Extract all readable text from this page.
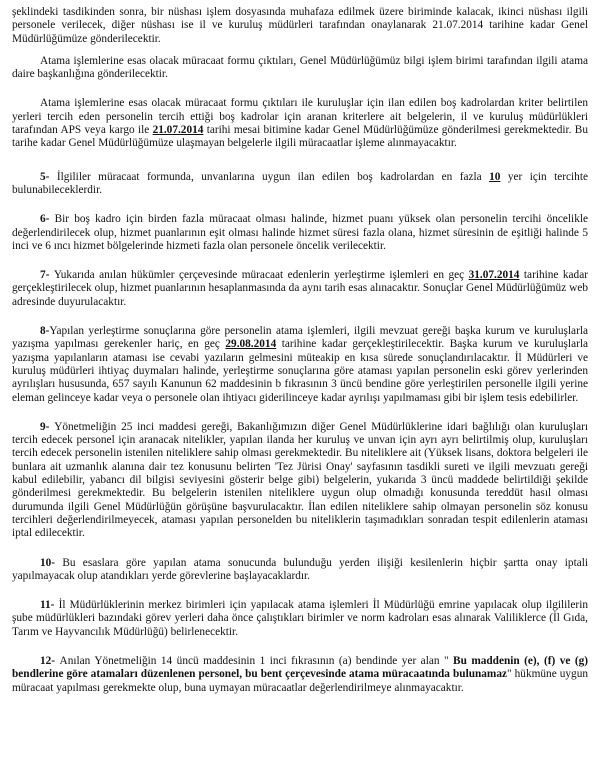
şeklindeki tasdikinden sonra, bir nüshası işlem dosyasında muhafaza edilmek üzere biriminde kalacak, ikinci nüshası ilgili personele verilecek, diğer nüshası ise il ve kuruluş müdürleri tarafından onaylanarak 21.07.2014 tarihine kadar Genel Müdürlüğümüze gönderilecektir.

Atama işlemlerine esas olacak müracaat formu çıktıları, Genel Müdürlüğümüz bilgi işlem birimi tarafından ilgili atama daire başkanlığına gönderilecektir.

Atama işlemlerine esas olacak müracaat formu çıktıları ile kuruluşlar için ilan edilen boş kadrolardan kriter belirtilen yerleri tercih eden personelin tercih ettiği boş kadrolar için aranan kriterlere ait belgelerin, il ve kuruluş müdürlükleri tarafından APS veya kargo ile 21.07.2014 tarihi mesai bitimine kadar Genel Müdürlüğümüze gönderilmesi gerekmektedir. Bu tarihe kadar Genel Müdürlüğümüze ulaşmayan belgelerle ilgili müracaatlar işleme alınmayacaktır.

5- İlgililer müracaat formunda, unvanlarına uygun ilan edilen boş kadrolardan en fazla 10 yer için tercihte bulunabileceklerdir.

6- Bir boş kadro için birden fazla müracaat olması halinde, hizmet puanı yüksek olan personelin tercihi öncelikle değerlendirilecek olup, hizmet puanlarının eşit olması halinde hizmet süresi fazla olana, hizmet süresinin de eşitliği halinde 5 inci ve 6 ıncı hizmet bölgelerinde hizmeti fazla olan personele öncelik verilecektir.

7- Yukarıda anılan hükümler çerçevesinde müracaat edenlerin yerleştirme işlemleri en geç 31.07.2014 tarihine kadar gerçekleştirilecek olup, hizmet puanlarının hesaplanmasında da aynı tarih esas alınacaktır. Sonuçlar Genel Müdürlüğümüz web adresinde duyurulacaktır.

8-Yapılan yerleştirme sonuçlarına göre personelin atama işlemleri, ilgili mevzuat gereği başka kurum ve kuruluşlarla yazışma yapılması gerekenler hariç, en geç 29.08.2014 tarihine kadar gerçekleştirilecektir. Başka kurum ve kuruluşlarla yazışma yapılanların ataması ise cevabi yazıların gelmesini müteakip en kısa sürede sonuçlandırılacaktır. İl Müdürleri ve kuruluş müdürleri ihtiyaç duymaları halinde, yerleştirme sonuçlarına göre ataması yapılan personelin eski görev yerlerinden ayrılışları hususunda, 657 sayılı Kanunun 62 maddesinin b fıkrasının 3 üncü bendine göre yerleştirilen personelle ilgili yerine eleman gelinceye kadar veya o personele olan ihtiyacı giderilinceye kadar ayrılışı yapılmaması gibi bir işlem tesis edebilirler.

9- Yönetmeliğin 25 inci maddesi gereği, Bakanlığımızın diğer Genel Müdürlüklerine idari bağlılığı olan kuruluşları tercih edecek personel için aranacak nitelikler, yapılan ilanda her kuruluş ve unvan için ayrı ayrı belirtilmiş olup, kuruluşları tercih edecek personelin istenilen niteliklere sahip olması gerekmektedir. Bu niteliklere ait (Yüksek lisans, doktora belgeleri ile bunlara ait uzmanlık alanına dair tez konusunu belirten 'Tez Jürisi Onay' sayfasının tasdikli sureti ve ilgili mevzuatı gereği kabul edilebilir, yabancı dil bilgisi seviyesini gösterir belge gibi) belgelerin, yukarıda 3 üncü maddede belirtildiği şekilde gönderilmesi gerekmektedir. Bu belgelerin istenilen niteliklere uygun olup olmadığı konusunda tereddüt hasıl olması durumunda ilgili Genel Müdürlüğün görüşüne başvurulacaktır. İlan edilen niteliklere sahip olmayan personelin söz konusu tercihleri değerlendirilmeyecek, ataması yapılan personelden bu niteliklerin taşımadıkları sonradan tespit edilenlerin ataması iptal edilecektir.

10- Bu esaslara göre yapılan atama sonucunda bulunduğu yerden ilişiği kesilenlerin hiçbir şartta onay iptali yapılmayacak olup atandıkları yerde görevlerine başlayacaklardır.

11- İl Müdürlüklerinin merkez birimleri için yapılacak atama işlemleri İl Müdürlüğü emrine yapılacak olup ilgililerin şube müdürlükleri bazındaki görev yerleri daha önce çalıştıkları birimler ve norm kadroları esas alınarak Valiliklerce (İl Gıda, Tarım ve Hayvancılık Müdürlüğü) belirlenecektir.

12- Anılan Yönetmeliğin 14 üncü maddesinin 1 inci fıkrasının (a) bendinde yer alan " Bu maddenin (e), (f) ve (g) bendlerine göre atamaları düzenlenen personel, bu bent çerçevesinde atama müracaatında bulunamaz" hükmüne uygun müracaat yapılması gerekmekte olup, buna uymayan müracaatlar değerlendirilmeye alınmayacaktır.
